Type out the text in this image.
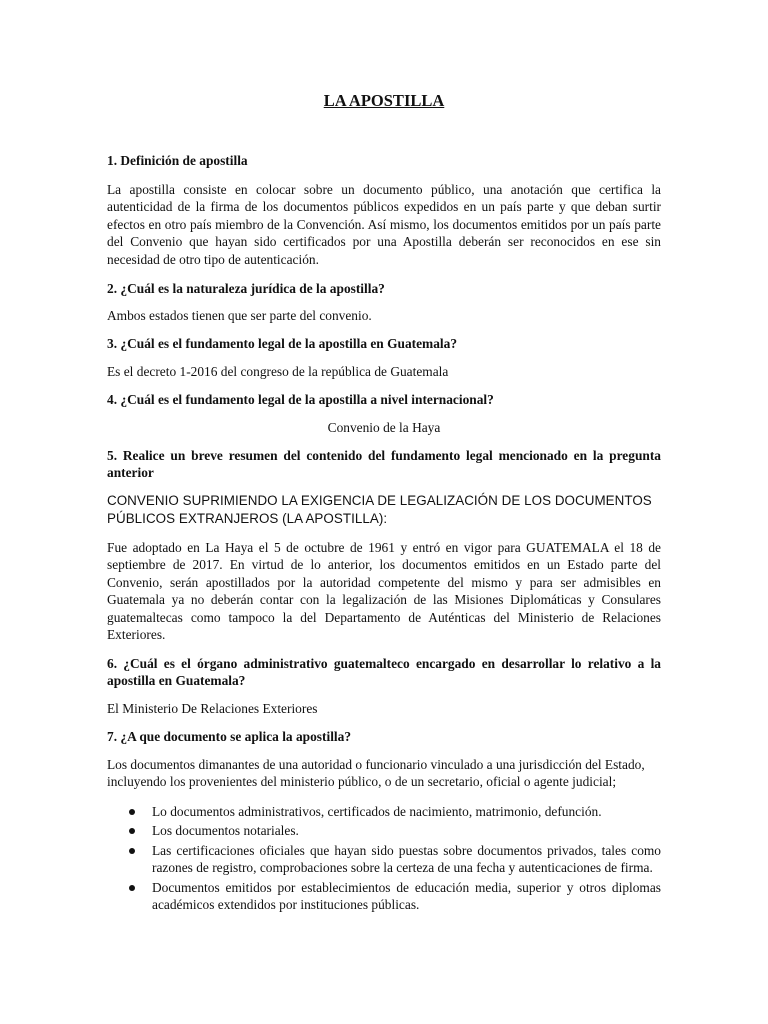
LA APOSTILLA

1. Definición de apostilla

La apostilla consiste en colocar sobre un documento público, una anotación que certifica la autenticidad de la firma de los documentos públicos expedidos en un país parte y que deban surtir efectos en otro país miembro de la Convención. Así mismo, los documentos emitidos por un país parte del Convenio que hayan sido certificados por una Apostilla deberán ser reconocidos en ese sin necesidad de otro tipo de autenticación.

2. ¿Cuál es la naturaleza jurídica de la apostilla?

Ambos estados tienen que ser parte del convenio.

3. ¿Cuál es el fundamento legal de la apostilla en Guatemala?

Es el decreto 1-2016 del congreso de la república de Guatemala

4. ¿Cuál es el fundamento legal de la apostilla a nivel internacional?

Convenio de la Haya

5. Realice un breve resumen del contenido del fundamento legal mencionado en la pregunta anterior

CONVENIO SUPRIMIENDO LA EXIGENCIA DE LEGALIZACIÓN DE LOS DOCUMENTOS PÚBLICOS EXTRANJEROS (LA APOSTILLA):

Fue adoptado en La Haya el 5 de octubre de 1961 y entró en vigor para GUATEMALA el 18 de septiembre de 2017. En virtud de lo anterior, los documentos emitidos en un Estado parte del Convenio, serán apostillados por la autoridad competente del mismo y para ser admisibles en Guatemala ya no deberán contar con la legalización de las Misiones Diplomáticas y Consulares guatemaltecas como tampoco la del Departamento de Auténticas del Ministerio de Relaciones Exteriores.

6. ¿Cuál es el órgano administrativo guatemalteco encargado en desarrollar lo relativo a la apostilla en Guatemala?

El Ministerio De Relaciones Exteriores

7. ¿A que documento se aplica la apostilla?

Los documentos dimanantes de una autoridad o funcionario vinculado a una jurisdicción del Estado, incluyendo los provenientes del ministerio público, o de un secretario, oficial o agente judicial;

Lo documentos administrativos, certificados de nacimiento, matrimonio, defunción.
Los documentos notariales.
Las certificaciones oficiales que hayan sido puestas sobre documentos privados, tales como razones de registro, comprobaciones sobre la certeza de una fecha y autenticaciones de firma.
Documentos emitidos por establecimientos de educación media, superior y otros diplomas académicos extendidos por instituciones públicas.
